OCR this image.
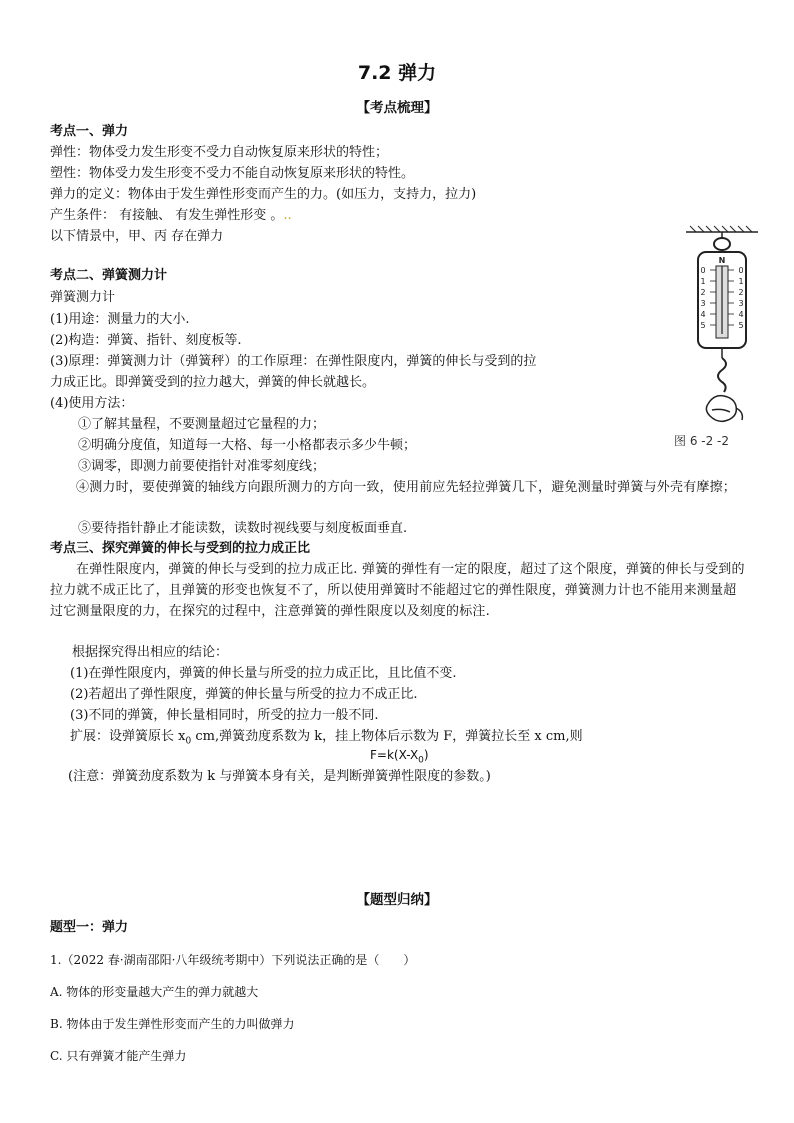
7.2 弹力
【考点梳理】
考点一、弹力
弹性：物体受力发生形变不受力自动恢复原来形状的特性；
塑性：物体受力发生形变不受力不能自动恢复原来形状的特性。
弹力的定义：物体由于发生弹性形变而产生的力。(如压力，支持力，拉力)
产生条件： 有接触、 有发生弹性形变 。..
以下情景中，甲、丙 存在弹力
考点二、弹簧测力计
弹簧测力计
(1)用途：测量力的大小.
(2)构造：弹簧、指针、刻度板等.
(3)原理：弹簧测力计（弹簧秤）的工作原理：在弹性限度内，弹簧的伸长与受到的拉
力成正比。即弹簧受到的拉力越大，弹簧的伸长就越长。
(4)使用方法：
①了解其量程，不要测量超过它量程的力；
②明确分度值，知道每一大格、每一小格都表示多少牛顿；
③调零，即测力前要使指针对准零刻度线；
④测力时，要使弹簧的轴线方向跟所测力的方向一致，使用前应先轻拉弹簧几下，避免测量时弹簧与外壳有摩擦；
⑤要待指针静止才能读数，读数时视线要与刻度板面垂直.
N
0
1
2
3
4
5
0
1
2
3
4
5
图 6 -2 -2
考点三、探究弹簧的伸长与受到的拉力成正比
在弹性限度内，弹簧的伸长与受到的拉力成正比. 弹簧的弹性有一定的限度，超过了这个限度，弹簧的伸长与受到的拉力就不成正比了，且弹簧的形变也恢复不了，所以使用弹簧时不能超过它的弹性限度，弹簧测力计也不能用来测量超过它测量限度的力，在探究的过程中，注意弹簧的弹性限度以及刻度的标注.
根据探究得出相应的结论：
(1)在弹性限度内，弹簧的伸长量与所受的拉力成正比，且比值不变.
(2)若超出了弹性限度，弹簧的伸长量与所受的拉力不成正比.
(3)不同的弹簧，伸长量相同时，所受的拉力一般不同.
扩展：设弹簧原长 $x_0$ cm,弹簧劲度系数为 k，挂上物体后示数为 F，弹簧拉长至 x cm,则
$F=k(X-X_0)$
(注意：弹簧劲度系数为 k 与弹簧本身有关，是判断弹簧弹性限度的参数。)
【题型归纳】
题型一：弹力
1.（2022 春·湖南邵阳·八年级统考期中）下列说法正确的是（　　）
A. 物体的形变量越大产生的弹力就越大
B. 物体由于发生弹性形变而产生的力叫做弹力
C. 只有弹簧才能产生弹力
